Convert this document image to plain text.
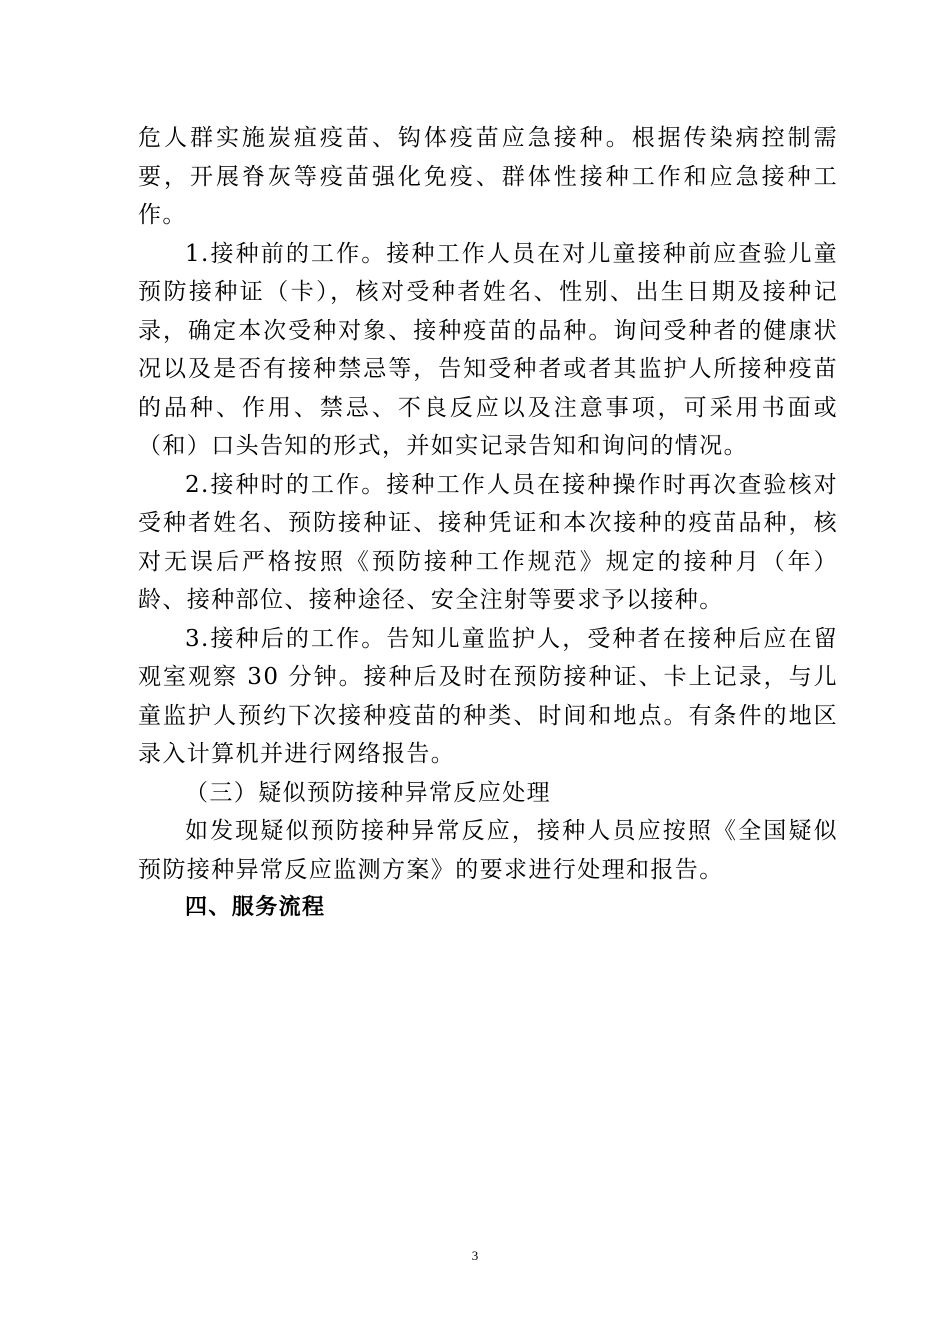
危人群实施炭疽疫苗、钩体疫苗应急接种。根据传染病控制需要，开展脊灰等疫苗强化免疫、群体性接种工作和应急接种工作。

1.接种前的工作。接种工作人员在对儿童接种前应查验儿童预防接种证（卡），核对受种者姓名、性别、出生日期及接种记录，确定本次受种对象、接种疫苗的品种。询问受种者的健康状况以及是否有接种禁忌等，告知受种者或者其监护人所接种疫苗的品种、作用、禁忌、不良反应以及注意事项，可采用书面或（和）口头告知的形式，并如实记录告知和询问的情况。

2.接种时的工作。接种工作人员在接种操作时再次查验核对受种者姓名、预防接种证、接种凭证和本次接种的疫苗品种，核对无误后严格按照《预防接种工作规范》规定的接种月（年）龄、接种部位、接种途径、安全注射等要求予以接种。

3.接种后的工作。告知儿童监护人，受种者在接种后应在留观室观察 30 分钟。接种后及时在预防接种证、卡上记录，与儿童监护人预约下次接种疫苗的种类、时间和地点。有条件的地区录入计算机并进行网络报告。

（三）疑似预防接种异常反应处理

如发现疑似预防接种异常反应，接种人员应按照《全国疑似预防接种异常反应监测方案》的要求进行处理和报告。

四、服务流程

3
